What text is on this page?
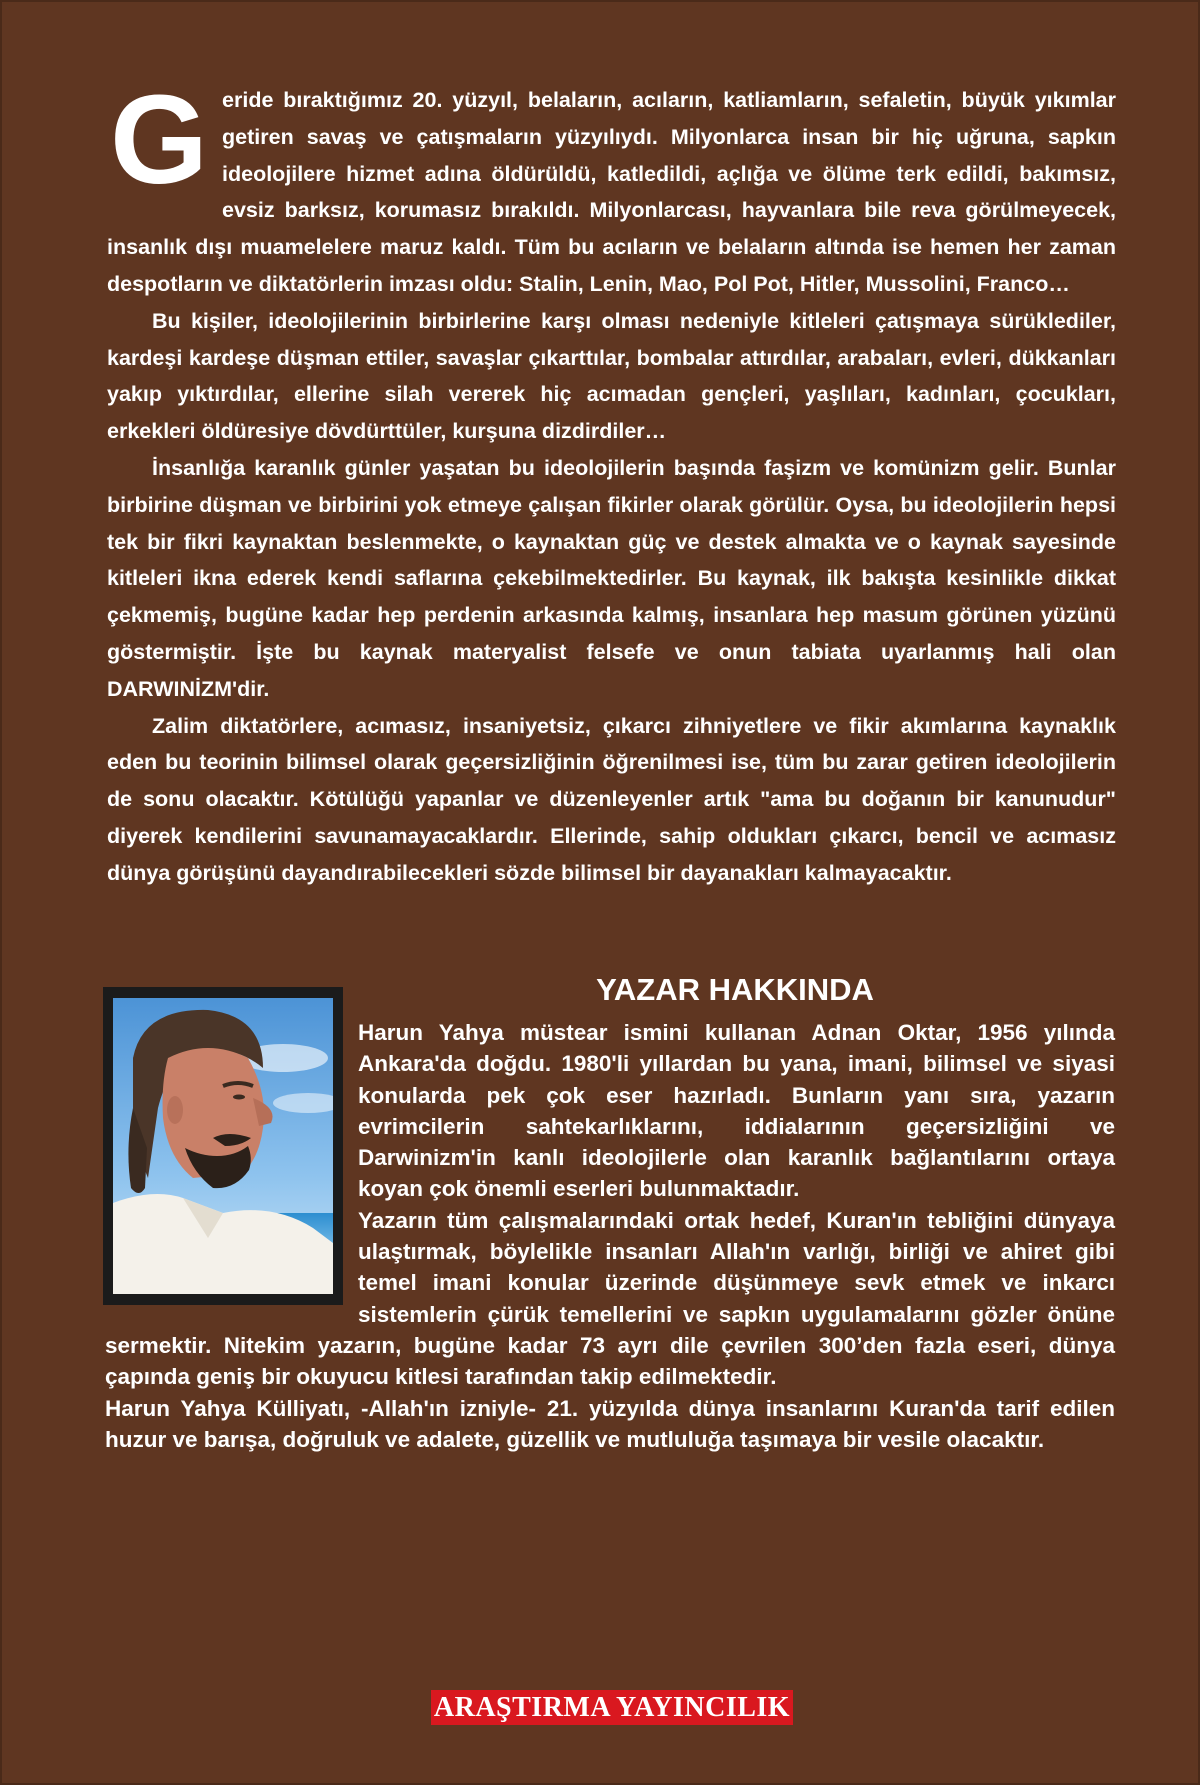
Geride bıraktığımız 20. yüzyıl, belaların, acıların, katliamların, sefaletin, büyük yıkımlar getiren savaş ve çatışmaların yüzyılıydı. Milyonlarca insan bir hiç uğruna, sapkın ideolojilere hizmet adına öldürüldü, katledildi, açlığa ve ölüme terk edildi, bakımsız, evsiz barksız, korumasız bırakıldı. Milyonlarcası, hayvanlara bile reva görülmeyecek, insanlık dışı muamelelere maruz kaldı. Tüm bu acıların ve belaların altında ise hemen her zaman despotların ve diktatörlerin imzası oldu: Stalin, Lenin, Mao, Pol Pot, Hitler, Mussolini, Franco…

Bu kişiler, ideolojilerinin birbirlerine karşı olması nedeniyle kitleleri çatışmaya sürüklediler, kardeşi kardeşe düşman ettiler, savaşlar çıkarttılar, bombalar attırdılar, arabaları, evleri, dükkanları yakıp yıktırdılar, ellerine silah vererek hiç acımadan gençleri, yaşlıları, kadınları, çocukları, erkekleri öldüresiye dövdürttüler, kurşuna dizdirdiler…

İnsanlığa karanlık günler yaşatan bu ideolojilerin başında faşizm ve komünizm gelir. Bunlar birbirine düşman ve birbirini yok etmeye çalışan fikirler olarak görülür. Oysa, bu ideolojilerin hepsi tek bir fikri kaynaktan beslenmekte, o kaynaktan güç ve destek almakta ve o kaynak sayesinde kitleleri ikna ederek kendi saflarına çekebilmektedirler. Bu kaynak, ilk bakışta kesinlikle dikkat çekmemiş, bugüne kadar hep perdenin arkasında kalmış, insanlara hep masum görünen yüzünü göstermiştir. İşte bu kaynak materyalist felsefe ve onun tabiata uyarlanmış hali olan DARWINİZM'dir.

Zalim diktatörlere, acımasız, insaniyetsiz, çıkarcı zihniyetlere ve fikir akımlarına kaynaklık eden bu teorinin bilimsel olarak geçersizliğinin öğrenilmesi ise, tüm bu zarar getiren ideolojilerin de sonu olacaktır. Kötülüğü yapanlar ve düzenleyenler artık "ama bu doğanın bir kanunudur" diyerek kendilerini savunamayacaklardır. Ellerinde, sahip oldukları çıkarcı, bencil ve acımasız dünya görüşünü dayandırabilecekleri sözde bilimsel bir dayanakları kalmayacaktır.

YAZAR HAKKINDA

Harun Yahya müstear ismini kullanan Adnan Oktar, 1956 yılında Ankara'da doğdu. 1980'li yıllardan bu yana, imani, bilimsel ve siyasi konularda pek çok eser hazırladı. Bunların yanı sıra, yazarın evrimcilerin sahtekarlıklarını, iddialarının geçersizliğini ve Darwinizm'in kanlı ideolojilerle olan karanlık bağlantılarını ortaya koyan çok önemli eserleri bulunmaktadır.

Yazarın tüm çalışmalarındaki ortak hedef, Kuran'ın tebliğini dünyaya ulaştırmak, böylelikle insanları Allah'ın varlığı, birliği ve ahiret gibi temel imani konular üzerinde düşünmeye sevk etmek ve inkarcı sistemlerin çürük temellerini ve sapkın uygulamalarını gözler önüne sermektir. Nitekim yazarın, bugüne kadar 73 ayrı dile çevrilen 300’den fazla eseri, dünya çapında geniş bir okuyucu kitlesi tarafından takip edilmektedir.

Harun Yahya Külliyatı, -Allah'ın izniyle- 21. yüzyılda dünya insanlarını Kuran'da tarif edilen huzur ve barışa, doğruluk ve adalete, güzellik ve mutluluğa taşımaya bir vesile olacaktır.

ARAŞTIRMA YAYINCILIK
